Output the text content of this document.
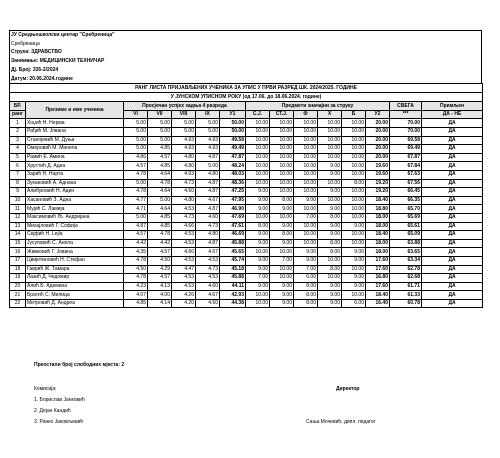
ЈУ Средњошколски центар "Сребреница"
Сребреница
Струка: ЗДРАВСТВО
Занимање: МЕДИЦИНСКИ ТЕХНИЧАР
Дј. Број: 335-2/2024
Датум: 20.06.2024.године
РАНГ ЛИСТА ПРИЈАВЉЕНИХ УЧЕНИКА ЗА УПИС У ПРВИ РАЗРЕД ШК. 2024/2025. ГОДИНЕ														
У ЈУНСКОМ УПИСНОМ РОКУ (од 17.06. до 18.06.2024. године)														
БР.	Презиме и име ученика	Просјечан успјех задња 4 разреда					Предмети значајни за струку						СВЕГА	Примљен
ранг		VI	VII	VIII	IX	У1	С.Ј.	СТ.Ј.	Ф	Х	Б	У2	***	ДА - НЕ
1	Хоџић Н. Нерма	5.00	5.00	5.00	5.00	50.00	10.00	10.00	10.00	10.00	10.00	20.00	70.00	ДА
2	Рађић М. Јована	5.00	5.00	5.00	5.00	50.00	10.00	10.00	10.00	10.00	10.00	20.00	70.00	ДА
3	Станојевић М. Дуња	5.00	5.00	4.93	4.93	49.58	10.00	10.00	10.00	10.00	10.00	20.00	69.58	ДА
4	Омеровић М. Минела	5.00	4.85	4.93	4.93	49.49	10.00	10.00	10.00	10.00	10.00	20.00	69.49	ДА
5	Рамић Е. Амина	4.86	4.57	4.80	4.87	47.87	10.00	10.00	10.00	10.00	10.00	20.00	67.87	ДА
6	Хрустић Д. Адна	4.57	4.85	4.80	5.00	48.24	10.00	10.00	10.00	9.00	10.00	19.60	67.84	ДА
7	Зарић Н. Нарта	4.78	4.64	4.93	4.80	48.03	10.00	10.00	10.00	9.00	10.00	19.60	67.63	ДА
8	Зукановић А. Аднана	5.00	4.78	4.73	4.87	48.36	10.00	10.00	10.00	10.00	8.00	19.20	67.56	ДА
9	Алибуковић Н. Адин	4.78	4.64	4.60	4.87	47.25	9.00	10.00	10.00	9.00	10.00	19.20	66.45	ДА
10	Хасановић З. Адна	4.77	5.00	4.80	4.67	47.95	9.00	8.00	9.00	10.00	10.00	18.40	66.35	ДА
11	Мујић С. Ламија	4.71	4.64	4.53	4.87	46.90	9.00	9.00	10.00	9.00	10.00	18.80	65.70	ДА
12	Максимовић Љ. Андријана	5.00	4.85	4.73	4.60	47.69	10.00	10.00	7.00	8.00	10.00	18.00	65.69	ДА
13	Михајловић Г. Софија	4.87	4.85	4.66	4.73	47.61	8.00	9.00	10.00	9.00	9.00	18.00	65.61	ДА
14	Сејфић Н. Lejla	4.57	4.78	4.53	4.80	46.69	9.00	8.00	10.00	9.00	10.00	18.40	65.09	ДА
15	Јусуповић С. Анела	4.42	4.42	4.53	4.87	45.88	9.00	9.00	10.00	8.00	10.00	18.00	63.88	ДА
16	Живковић Г. Јована	4.35	4.57	4.60	4.67	45.65	10.00	10.00	9.00	8.00	9.00	18.00	63.65	ДА
17	Цвијетиновић Н. Стефан	4.78	4.50	4.53	4.53	45.74	9.00	7.00	9.00	10.00	9.00	17.60	63.34	ДА
18	Гаврић Ж. Тамара	4.50	4.29	4.47	4.73	45.18	9.00	10.00	7.00	8.00	10.00	17.60	62.78	ДА
19	Лазић Д. Чедомир	4.78	4.57	4.53	4.53	45.88	7.00	10.00	6.00	10.00	9.00	16.80	62.68	ДА
20	Алић Б. Адемина	4.23	4.13	4.53	4.60	44.11	9.00	9.00	8.00	9.00	9.00	17.60	61.71	ДА
21	Братић С. Милица	4.07	4.00	4.26	4.67	42.93	10.00	9.00	8.00	9.00	10.00	18.40	61.33	ДА
22	Митровић Д. Андреа	4.85	4.14	4.20	4.60	44.38	10.00	9.00	8.00	9.00	6.00	16.40	60.78	ДА
Преостали број слободних мјеста: 2
Комисија:	Директор
1. Борислав Јанковић
2. Дејан Кандић
3. Ранко Јаковљевић	Сања Мочевић, дипл. педагог
